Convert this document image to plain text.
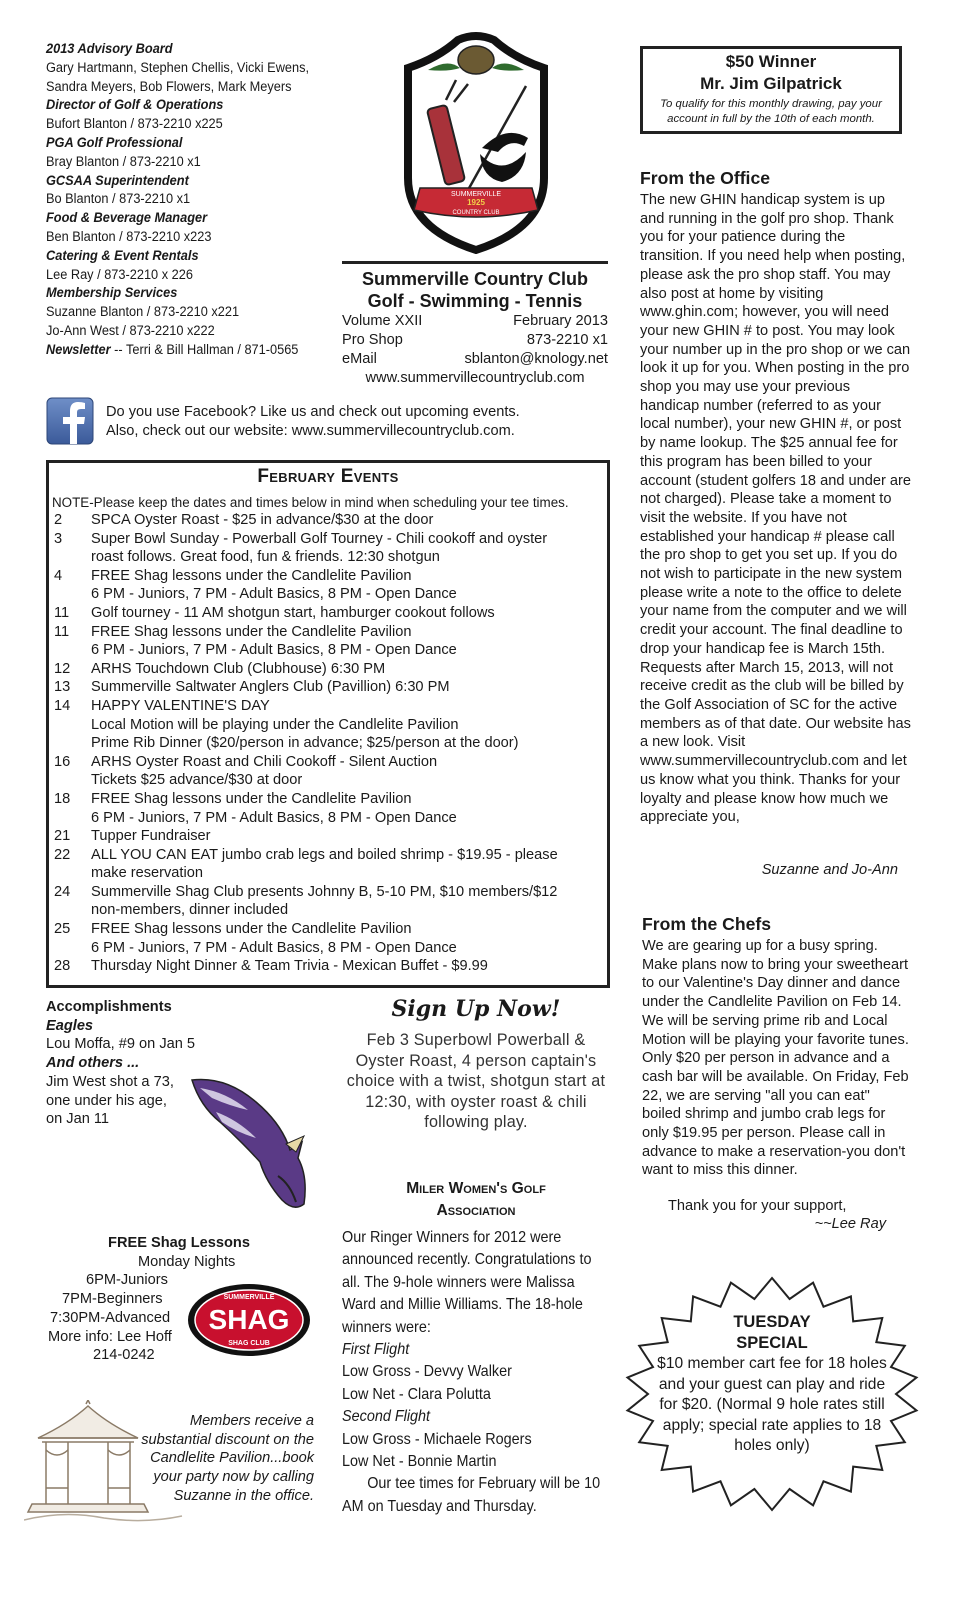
2013 Advisory Board
Gary Hartmann, Stephen Chellis, Vicki Ewens,
Sandra Meyers, Bob Flowers, Mark Meyers
Director of Golf & Operations
Bufort Blanton / 873-2210 x225
PGA Golf Professional
Bray Blanton / 873-2210 x1
GCSAA Superintendent
Bo Blanton / 873-2210 x1
Food & Beverage Manager
Ben Blanton / 873-2210 x223
Catering & Event Rentals
Lee Ray / 873-2210 x 226
Membership Services
Suzanne Blanton / 873-2210 x221
Jo-Ann West / 873-2210 x222
Newsletter -- Terri & Bill Hallman / 871-0565
SUMMERVILLE
1925
COUNTRY CLUB
Summerville Country Club
Golf - Swimming - Tennis
Volume XXII	February 2013
Pro Shop	873-2210 x1
eMail	sblanton@knology.net
www.summervillecountryclub.com
$50 Winner
Mr. Jim Gilpatrick
To qualify for this monthly drawing, pay your account in full by the 10th of each month.
From the Office
The new GHIN handicap system is up and running in the golf pro shop. Thank you for your patience during the transition. If you need help when posting, please ask the pro shop staff. You may also post at home by visiting www.ghin.com; however, you will need your new GHIN # to post. You may look your number up in the pro shop or we can look it up for you. When posting in the pro shop you may use your previous handicap number (referred to as your local number), your new GHIN #, or post by name lookup. The $25 annual fee for this program has been billed to your account (student golfers 18 and under are not charged). Please take a moment to visit the website. If you have not established your handicap # please call the pro shop to get you set up. If you do not wish to participate in the new system please write a note to the office to delete your name from the computer and we will credit your account. The final deadline to drop your handicap fee is March 15th. Requests after March 15, 2013, will not receive credit as the club will be billed by the Golf Association of SC for the active members as of that date. Our website has a new look. Visit www.summervillecountryclub.com and let us know what you think. Thanks for your loyalty and please know how much we appreciate you,
Suzanne and Jo-Ann
From the Chefs
We are gearing up for a busy spring. Make plans now to bring your sweetheart to our Valentine's Day dinner and dance under the Candlelite Pavilion on Feb 14. We will be serving prime rib and Local Motion will be playing your favorite tunes. Only $20 per person in advance and a cash bar will be available. On Friday, Feb 22, we are serving "all you can eat" boiled shrimp and jumbo crab legs for only $19.95 per person. Please call in advance to make a reservation-you don't want to miss this dinner.
Thank you for your support,
~~Lee Ray
TUESDAY
SPECIAL
$10 member cart fee for 18 holes and your guest can play and ride for $20. (Normal 9 hole rates still apply; special rate applies to 18 holes only)
Do you use Facebook? Like us and check out upcoming events.
Also, check out our website: www.summervillecountryclub.com.
February Events
NOTE-Please keep the dates and times below in mind when scheduling your tee times.
2	SPCA Oyster Roast - $25 in advance/$30 at the door
3	Super Bowl Sunday - Powerball Golf Tourney - Chili cookoff and oyster
roast follows. Great food, fun & friends. 12:30 shotgun
4	FREE Shag lessons under the Candlelite Pavilion
6 PM - Juniors, 7 PM - Adult Basics, 8 PM - Open Dance
11	Golf tourney - 11 AM shotgun start, hamburger cookout follows
11	FREE Shag lessons under the Candlelite Pavilion
6 PM - Juniors, 7 PM - Adult Basics, 8 PM - Open Dance
12	ARHS Touchdown Club (Clubhouse) 6:30 PM
13	Summerville Saltwater Anglers Club (Pavillion) 6:30 PM
14	HAPPY VALENTINE'S DAY
Local Motion will be playing under the Candlelite Pavilion
Prime Rib Dinner ($20/person in advance; $25/person at the door)
16	ARHS Oyster Roast and Chili Cookoff - Silent Auction
Tickets $25 advance/$30 at door
18	FREE Shag lessons under the Candlelite Pavilion
6 PM - Juniors, 7 PM - Adult Basics, 8 PM - Open Dance
21	Tupper Fundraiser
22	ALL YOU CAN EAT jumbo crab legs and boiled shrimp - $19.95 - please
make reservation
24	Summerville Shag Club presents Johnny B, 5-10 PM, $10 members/$12
non-members, dinner included
25	FREE Shag lessons under the Candlelite Pavilion
6 PM - Juniors, 7 PM - Adult Basics, 8 PM - Open Dance
28	Thursday Night Dinner & Team Trivia - Mexican Buffet - $9.99
Accomplishments
Eagles
Lou Moffa, #9 on Jan 5
And others ...
Jim West shot a 73,
one under his age,
on Jan 11
Sign Up Now!
Feb 3 Superbowl Powerball & Oyster Roast, 4 person captain's choice with a twist, shotgun start at 12:30, with oyster roast & chili following play.
Miler Women's Golf
Association
Our Ringer Winners for 2012 were announced recently. Congratulations to all. The 9-hole winners were Malissa Ward and Millie Williams. The 18-hole winners were:
First Flight
Low Gross - Devvy Walker
Low Net - Clara Polutta
Second Flight
Low Gross - Michaele Rogers
Low Net - Bonnie Martin
Our tee times for February will be 10 AM on Tuesday and Thursday.
FREE Shag Lessons
Monday Nights
6PM-Juniors
7PM-Beginners
7:30PM-Advanced
More info: Lee Hoff
214-0242
SUMMERVILLE
SHAG
SHAG CLUB
Members receive a substantial discount on the Candlelite Pavilion...book your party now by calling Suzanne in the office.
